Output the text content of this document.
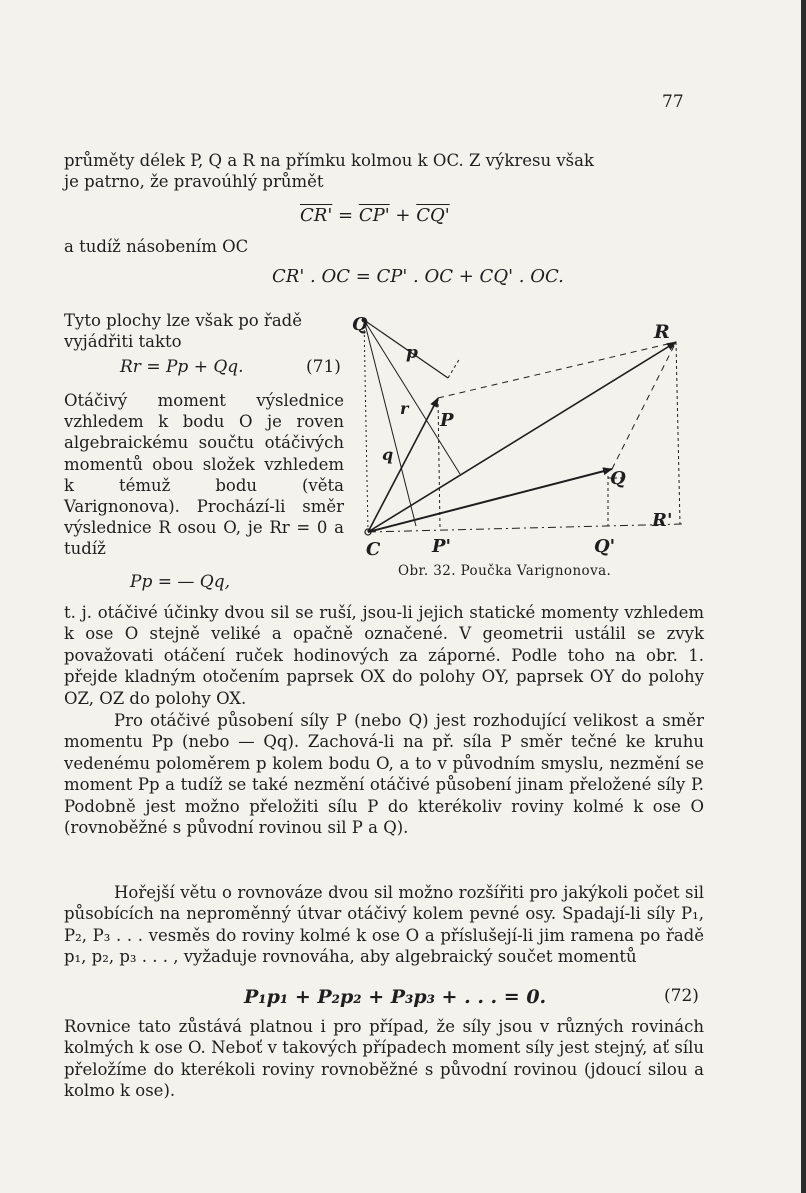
77

průměty délek P, Q a R na přímku kolmou k OC. Z výkresu však

je patrno, že pravoúhlý průmět

CR' = CP' + CQ'

a tudíž násobením OC

CR' . OC = CP' . OC + CQ' . OC.

Tyto plochy lze však po řadě

vyjádřiti takto

Rr = Pp + Qq.	(71)

Otáčivý moment výslednice vzhledem k bodu O je roven algebraickému součtu otáčivých momentů obou složek vzhledem k témuž bodu (věta Varignonova). Prochází-li směr výslednice R osou O, je Rr = 0 a tudíž

Pp = — Qq,
Q
p
R
r
P
q
Q
R'
C	P'	Q'
Obr. 32. Poučka Varignonova.

t. j. otáčivé účinky dvou sil se ruší, jsou-li jejich statické momenty vzhledem k ose O stejně veliké a opačně označené. V geometrii ustálil se zvyk považovati otáčení ruček hodinových za záporné. Podle toho na obr. 1. přejde kladným otočením paprsek OX do polohy OY, paprsek OY do polohy OZ, OZ do polohy OX.

Pro otáčivé působení síly P (nebo Q) jest rozhodující velikost a směr momentu Pp (nebo — Qq). Zachová-li na př. síla P směr tečné ke kruhu vedenému poloměrem p kolem bodu O, a to v původním smyslu, nezmění se moment Pp a tudíž se také nezmění otáčivé působení jinam přeložené síly P. Podobně jest možno přeložiti sílu P do kterékoliv roviny kolmé k ose O (rovnoběžné s původní rovinou sil P a Q).

Hořejší větu o rovnováze dvou sil možno rozšířiti pro jakýkoli počet sil působících na neproměnný útvar otáčivý kolem pevné osy. Spadají-li síly P₁, P₂, P₃ . . . vesměs do roviny kolmé k ose O a příslušejí-li jim ramena po řadě p₁, p₂, p₃ . . . , vyžaduje rovnováha, aby algebraický součet momentů

P₁p₁ + P₂p₂ + P₃p₃ + . . . = 0.	(72)

Rovnice tato zůstává platnou i pro případ, že síly jsou v různých rovinách kolmých k ose O. Neboť v takových případech moment síly jest stejný, ať sílu přeložíme do kterékoli roviny rovnoběžné s původní rovinou (jdoucí silou a kolmo k ose).
